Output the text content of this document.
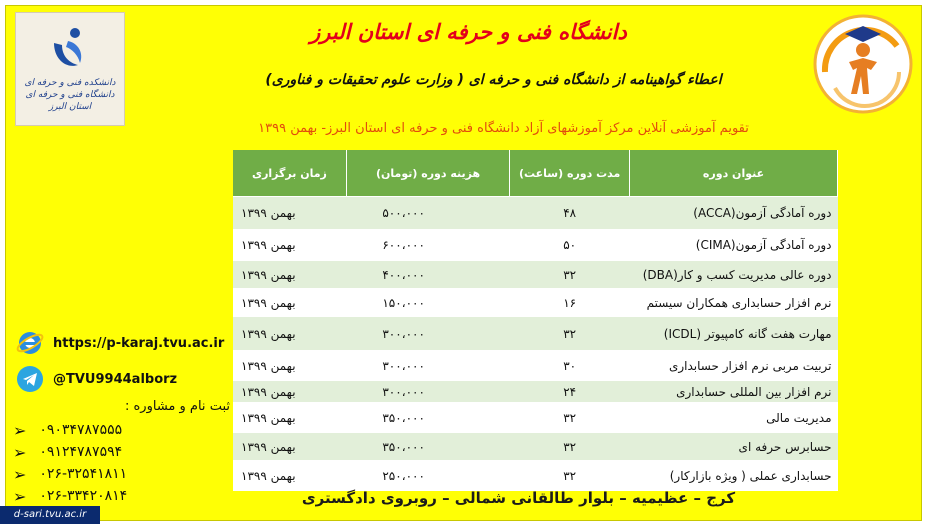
دانشکده فنی و حرفه ای دانشگاه فنی و حرفه ای استان البرز
دانشگاه فنی و حرفه ای استان البرز
اعطاء گواهینامه از دانشگاه فنی و حرفه ای ( وزارت علوم تحقیقات و فناوری)
تقویم آموزشی آنلاین مرکز آموزشهای آزاد دانشگاه فنی و حرفه ای استان البرز- بهمن ۱۳۹۹
عنوان دوره	مدت دوره (ساعت)	هزینه دوره (تومان)	زمان برگزاری
دوره آمادگی آزمون(ACCA)	۴۸	۵۰۰،۰۰۰	بهمن ۱۳۹۹
دوره آمادگی آزمون(CIMA)	۵۰	۶۰۰،۰۰۰	بهمن ۱۳۹۹
دوره عالی مدیریت کسب و کار(DBA)	۳۲	۴۰۰،۰۰۰	بهمن ۱۳۹۹
نرم افزار حسابداری همکاران سیستم	۱۶	۱۵۰،۰۰۰	بهمن ۱۳۹۹
مهارت هفت گانه کامپیوتر (ICDL)	۳۲	۳۰۰،۰۰۰	بهمن ۱۳۹۹
تربیت مربی نرم افزار حسابداری	۳۰	۳۰۰،۰۰۰	بهمن ۱۳۹۹
نرم افزار بین المللی حسابداری	۲۴	۳۰۰،۰۰۰	بهمن ۱۳۹۹
مدیریت مالی	۳۲	۳۵۰،۰۰۰	بهمن ۱۳۹۹
حسابرس حرفه ای	۳۲	۳۵۰،۰۰۰	بهمن ۱۳۹۹
حسابداری عملی ( ویژه بازارکار)	۳۲	۲۵۰،۰۰۰	بهمن ۱۳۹۹
https://p-karaj.tvu.ac.ir
@TVU9944alborz
ثبت نام و مشاوره :
➢ ۰۹۰۳۴۷۸۷۵۵۵
➢ ۰۹۱۲۴۷۸۷۵۹۴
➢ ۰۲۶-۳۲۵۴۱۸۱۱
➢ ۰۲۶-۳۳۴۲۰۸۱۴	کرج – عظیمیه – بلوار طالقانی شمالی – روبروی دادگستری
d-sari.tvu.ac.ir
